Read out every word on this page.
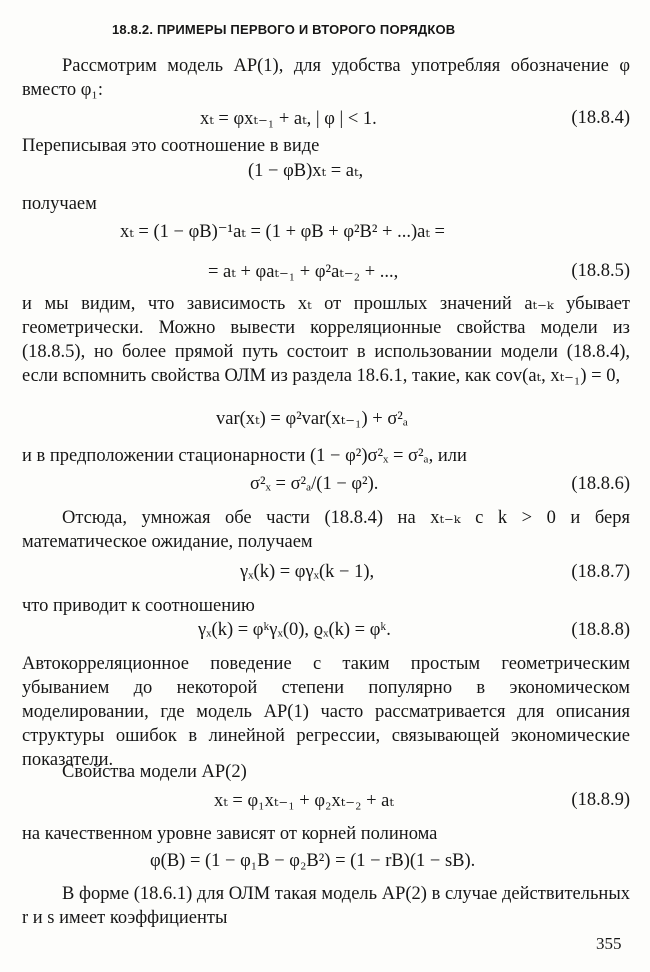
18.8.2. ПРИМЕРЫ ПЕРВОГО И ВТОРОГО ПОРЯДКОВ
Рассмотрим модель АР(1), для удобства употребляя обозначение φ вместо φ₁:
xₜ = φxₜ₋₁ + aₜ, | φ | < 1.	(18.8.4)
Переписывая это соотношение в виде
(1 − φB)xₜ = aₜ,
получаем
xₜ = (1 − φB)⁻¹aₜ = (1 + φB + φ²B² + ...)aₜ =
= aₜ + φaₜ₋₁ + φ²aₜ₋₂ + ...,	(18.8.5)
и мы видим, что зависимость xₜ от прошлых значений aₜ₋ₖ убывает геометрически. Можно вывести корреляционные свойства модели из (18.8.5), но более прямой путь состоит в использовании модели (18.8.4), если вспомнить свойства ОЛМ из раздела 18.6.1, такие, как cov(aₜ, xₜ₋₁) = 0,
var(xₜ) = φ²var(xₜ₋₁) + σ²ₐ
и в предположении стационарности (1 − φ²)σ²ₓ = σ²ₐ, или
σ²ₓ = σ²ₐ/(1 − φ²).	(18.8.6)
Отсюда, умножая обе части (18.8.4) на xₜ₋ₖ с k > 0 и беря математическое ожидание, получаем
γₓ(k) = φγₓ(k − 1),	(18.8.7)
что приводит к соотношению
γₓ(k) = φᵏγₓ(0), ϱₓ(k) = φᵏ.	(18.8.8)
Автокорреляционное поведение с таким простым геометрическим убыванием до некоторой степени популярно в экономическом моделировании, где модель АР(1) часто рассматривается для описания структуры ошибок в линейной регрессии, связывающей экономические показатели.
Свойства модели АР(2)
xₜ = φ₁xₜ₋₁ + φ₂xₜ₋₂ + aₜ	(18.8.9)
на качественном уровне зависят от корней полинома
φ(B) = (1 − φ₁B − φ₂B²) = (1 − rB)(1 − sB).
В форме (18.6.1) для ОЛМ такая модель АР(2) в случае действительных r и s имеет коэффициенты
355
